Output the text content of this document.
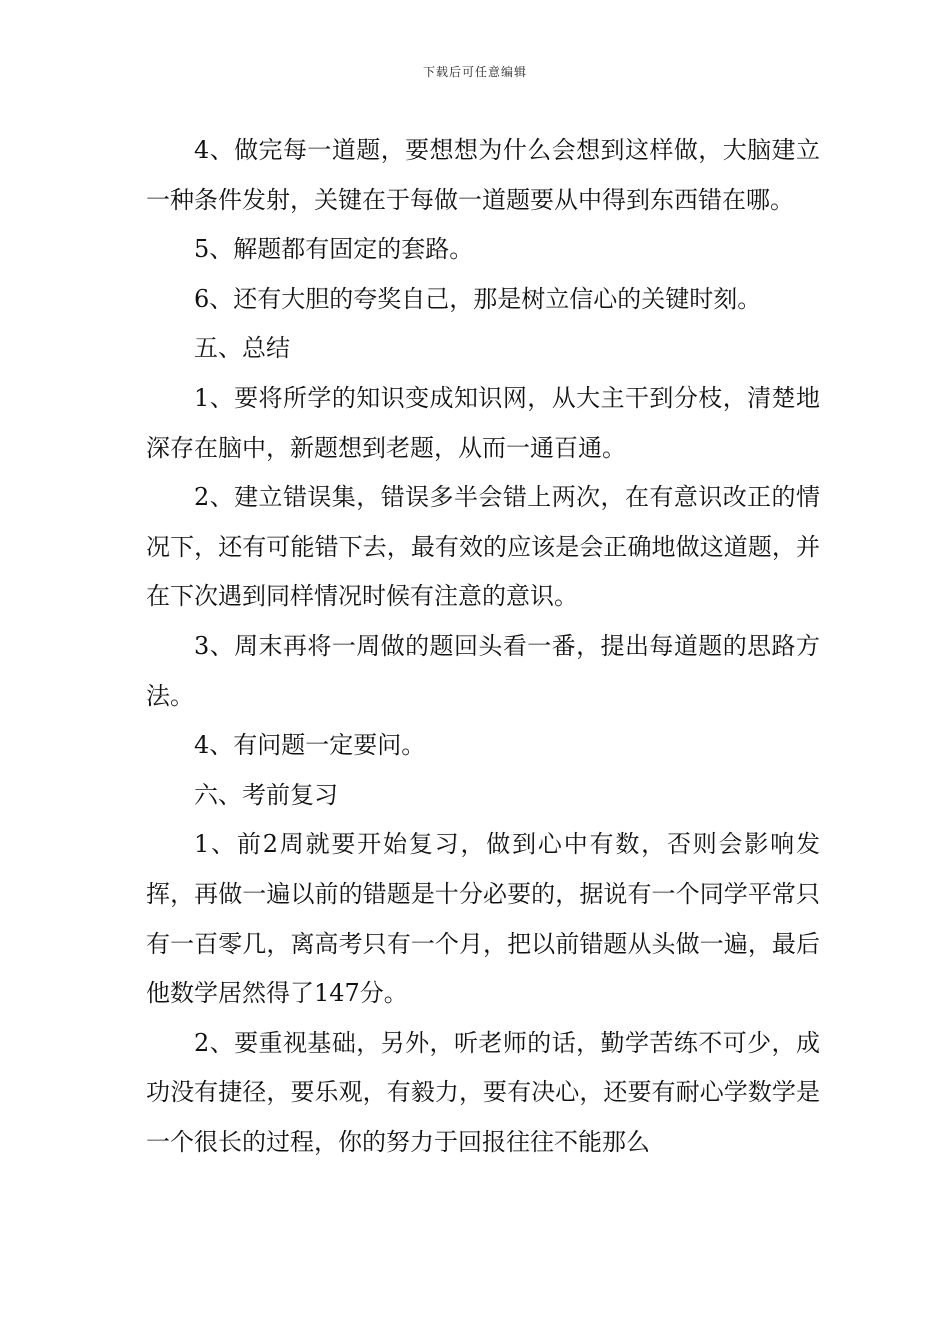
下载后可任意编辑

4、做完每一道题，要想想为什么会想到这样做，大脑建立一种条件发射，关键在于每做一道题要从中得到东西错在哪。

5、解题都有固定的套路。

6、还有大胆的夸奖自己，那是树立信心的关键时刻。

五、总结

1、要将所学的知识变成知识网，从大主干到分枝，清楚地深存在脑中，新题想到老题，从而一通百通。

2、建立错误集，错误多半会错上两次，在有意识改正的情况下，还有可能错下去，最有效的应该是会正确地做这道题，并在下次遇到同样情况时候有注意的意识。

3、周末再将一周做的题回头看一番，提出每道题的思路方法。

4、有问题一定要问。

六、考前复习

1、前2周就要开始复习，做到心中有数，否则会影响发挥，再做一遍以前的错题是十分必要的，据说有一个同学平常只有一百零几，离高考只有一个月，把以前错题从头做一遍，最后他数学居然得了147分。

2、要重视基础，另外，听老师的话，勤学苦练不可少，成功没有捷径，要乐观，有毅力，要有决心，还要有耐心学数学是一个很长的过程，你的努力于回报往往不能那么
